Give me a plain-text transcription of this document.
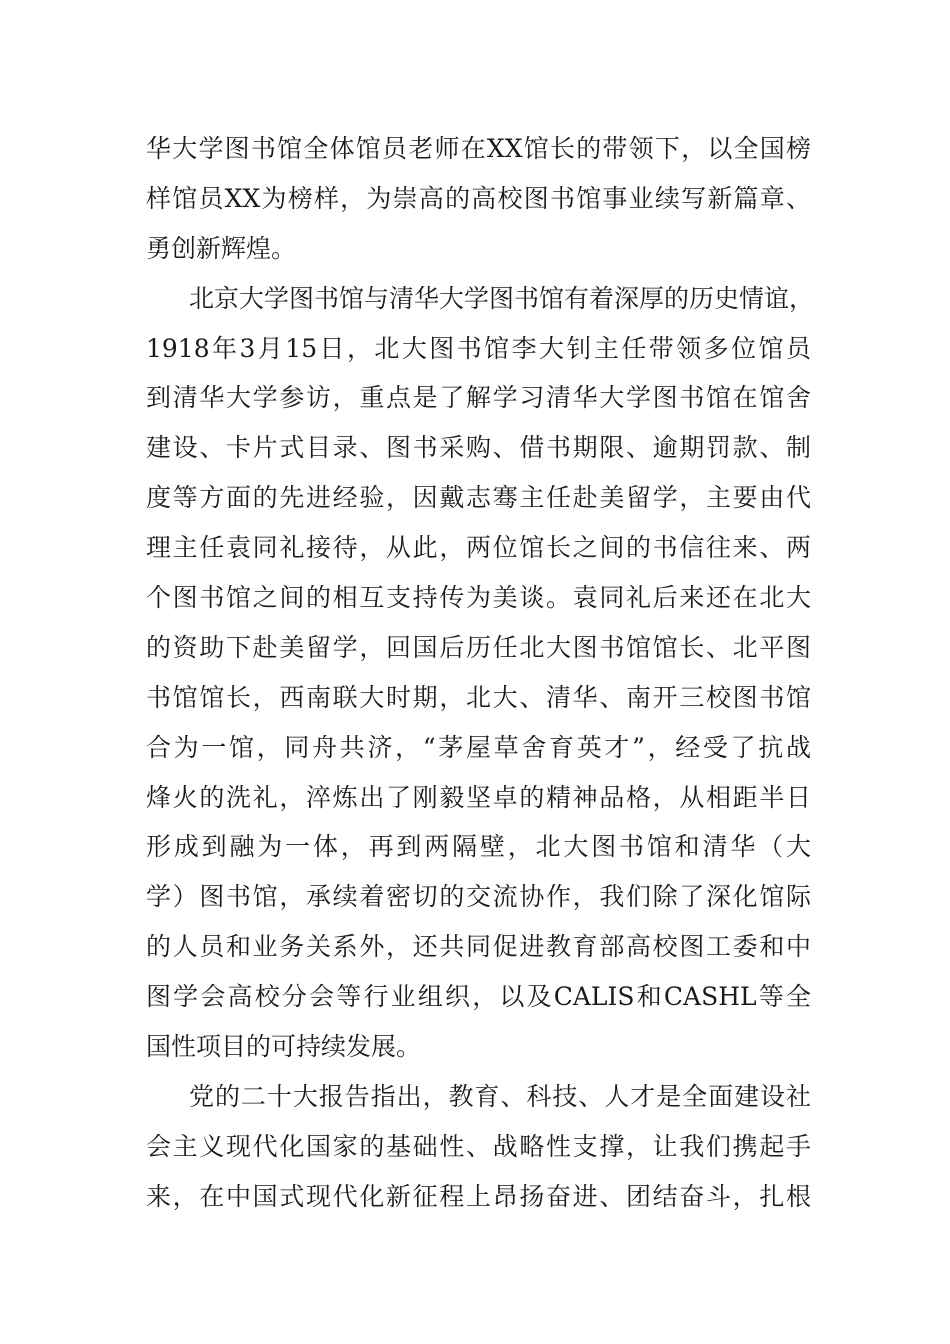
华大学图书馆全体馆员老师在XX馆长的带领下，以全国榜
样馆员XX为榜样，为崇高的高校图书馆事业续写新篇章、
勇创新辉煌。
北京大学图书馆与清华大学图书馆有着深厚的历史情谊，
1918年3月15日，北大图书馆李大钊主任带领多位馆员
到清华大学参访，重点是了解学习清华大学图书馆在馆舍
建设、卡片式目录、图书采购、借书期限、逾期罚款、制
度等方面的先进经验，因戴志骞主任赴美留学，主要由代
理主任袁同礼接待，从此，两位馆长之间的书信往来、两
个图书馆之间的相互支持传为美谈。袁同礼后来还在北大
的资助下赴美留学，回国后历任北大图书馆馆长、北平图
书馆馆长，西南联大时期，北大、清华、南开三校图书馆
合为一馆，同舟共济，“茅屋草舍育英才”，经受了抗战
烽火的洗礼，淬炼出了刚毅坚卓的精神品格，从相距半日
形成到融为一体，再到两隔壁，北大图书馆和清华（大
学）图书馆，承续着密切的交流协作，我们除了深化馆际
的人员和业务关系外，还共同促进教育部高校图工委和中
图学会高校分会等行业组织，以及CALIS和CASHL等全
国性项目的可持续发展。
党的二十大报告指出，教育、科技、人才是全面建设社
会主义现代化国家的基础性、战略性支撑，让我们携起手
来，在中国式现代化新征程上昂扬奋进、团结奋斗，扎根
